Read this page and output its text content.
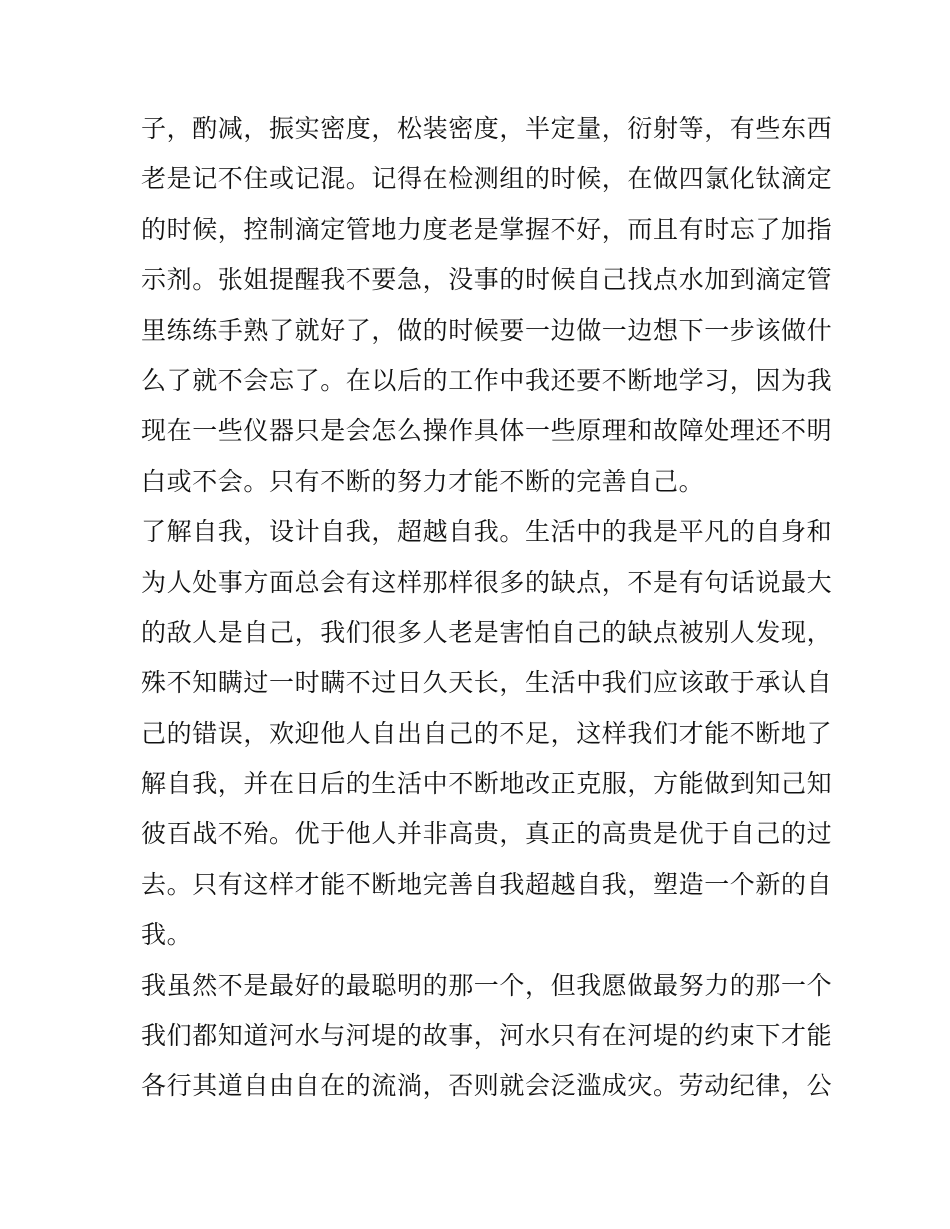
子，酌减，振实密度，松装密度，半定量，衍射等，有些东西
老是记不住或记混。记得在检测组的时候，在做四氯化钛滴定
的时候，控制滴定管地力度老是掌握不好，而且有时忘了加指
示剂。张姐提醒我不要急，没事的时候自己找点水加到滴定管
里练练手熟了就好了，做的时候要一边做一边想下一步该做什
么了就不会忘了。在以后的工作中我还要不断地学习，因为我
现在一些仪器只是会怎么操作具体一些原理和故障处理还不明
白或不会。只有不断的努力才能不断的完善自己。
了解自我，设计自我，超越自我。生活中的我是平凡的自身和
为人处事方面总会有这样那样很多的缺点，不是有句话说最大
的敌人是自己，我们很多人老是害怕自己的缺点被别人发现，
殊不知瞒过一时瞒不过日久天长，生活中我们应该敢于承认自
己的错误，欢迎他人自出自己的不足，这样我们才能不断地了
解自我，并在日后的生活中不断地改正克服，方能做到知己知
彼百战不殆。优于他人并非高贵，真正的高贵是优于自己的过
去。只有这样才能不断地完善自我超越自我，塑造一个新的自
我。
我虽然不是最好的最聪明的那一个，但我愿做最努力的那一个
我们都知道河水与河堤的故事，河水只有在河堤的约束下才能
各行其道自由自在的流淌，否则就会泛滥成灾。劳动纪律，公
